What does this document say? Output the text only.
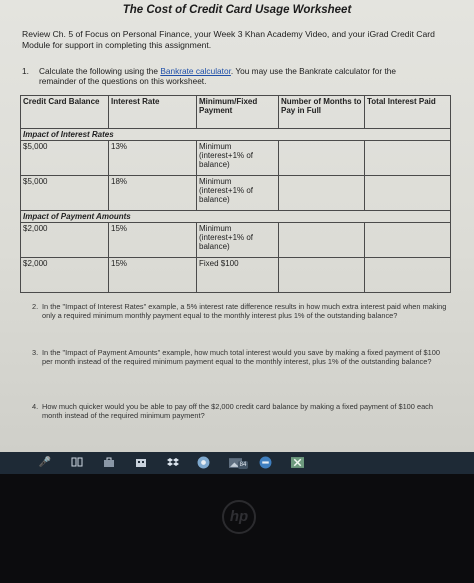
The Cost of Credit Card Usage Worksheet
Review Ch. 5 of Focus on Personal Finance, your Week 3 Khan Academy Video, and your iGrad Credit Card Module for support in completing this assignment.
1. Calculate the following using the Bankrate calculator. You may use the Bankrate calculator for the
remainder of the questions on this worksheet.
Credit Card Balance	Interest Rate	Minimum/Fixed Payment	Number of Months to Pay in Full	Total Interest Paid
Impact of Interest Rates				
$5,000	13%	Minimum (interest+1% of balance)		
$5,000	18%	Minimum (interest+1% of balance)		
Impact of Payment Amounts				
$2,000	15%	Minimum (interest+1% of balance)		
$2,000	15%	Fixed $100		
2. In the "Impact of Interest Rates" example, a 5% interest rate difference results in how much extra interest paid when making only a required minimum monthly payment equal to the monthly interest plus 1% of the outstanding balance?
3. In the "Impact of Payment Amounts" example, how much total interest would you save by making a fixed payment of $100 per month instead of the required minimum payment equal to the monthly interest, plus 1% of the outstanding balance?
4. How much quicker would you be able to pay off the $2,000 credit card balance by making a fixed payment of $100 each month instead of the required minimum payment?
🎤	84
hp
